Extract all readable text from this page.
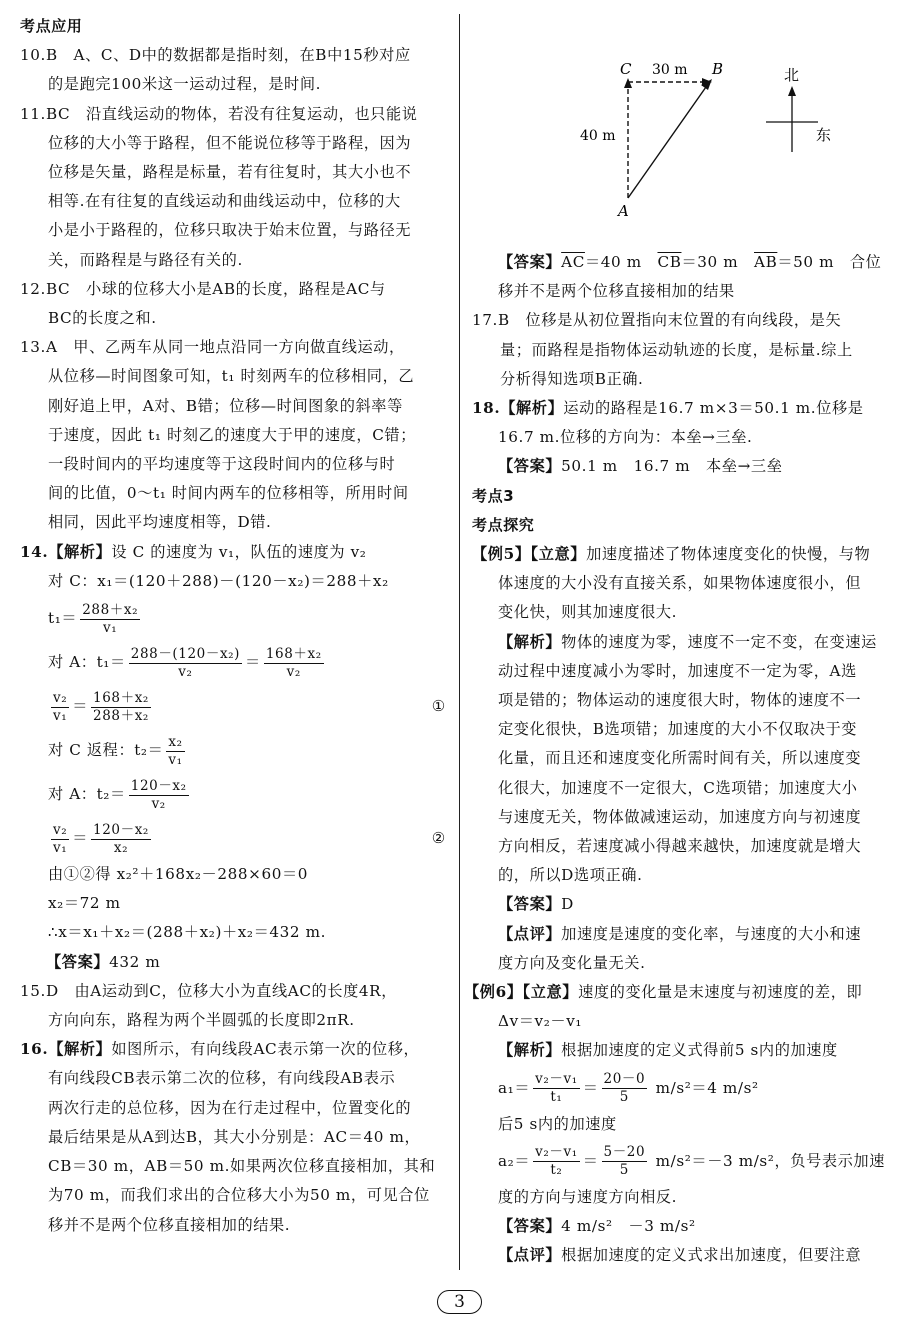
考点应用
10.B　A、C、D中的数据都是指时刻，在B中15秒对应
的是跑完100米这一运动过程，是时间.
11.BC　沿直线运动的物体，若没有往复运动，也只能说
位移的大小等于路程，但不能说位移等于路程，因为
位移是矢量，路程是标量，若有往复时，其大小也不
相等.在有往复的直线运动和曲线运动中，位移的大
小是小于路程的，位移只取决于始末位置，与路径无
关，而路程是与路径有关的.
12.BC　小球的位移大小是AB的长度，路程是AC与
BC的长度之和.
13.A　甲、乙两车从同一地点沿同一方向做直线运动，
从位移—时间图象可知，t₁ 时刻两车的位移相同，乙
刚好追上甲，A对、B错；位移—时间图象的斜率等
于速度，因此 t₁ 时刻乙的速度大于甲的速度，C错；
一段时间内的平均速度等于这段时间内的位移与时
间的比值，0～t₁ 时间内两车的位移相等，所用时间
相同，因此平均速度相等，D错.
14.【解析】设 C 的速度为 v₁，队伍的速度为 v₂
对 C：x₁＝(120＋288)－(120－x₂)＝288＋x₂
$t_1= \frac{\text{288＋x₂}}{\text{v₁}}$
对 A：$t_1= \frac{\text{288－(120－x₂)}}{\text{v₂}} = \frac{\text{168＋x₂}}{\text{v₂}}$
$\frac{\text{v₂}}{\text{v₁}} = \frac{\text{168＋x₂}}{\text{288＋x₂}}$	①
对 C 返程：$t_2= \frac{\text{x₂}}{\text{v₁}}$
对 A：$t_2= \frac{\text{120－x₂}}{\text{v₂}}$
$\frac{\text{v₂}}{\text{v₁}} = \frac{\text{120－x₂}}{\text{x₂}}$	②
由①②得 x₂²＋168x₂－288×60＝0
x₂＝72 m
∴x＝x₁＋x₂＝(288＋x₂)＋x₂＝432 m.
【答案】432 m
15.D　由A运动到C，位移大小为直线AC的长度4R，
方向向东，路程为两个半圆弧的长度即2πR.
16.【解析】如图所示，有向线段AC表示第一次的位移，
有向线段CB表示第二次的位移，有向线段AB表示
两次行走的总位移，因为在行走过程中，位置变化的
最后结果是从A到达B，其大小分别是：AC＝40 m，
CB＝30 m，AB＝50 m.如果两次位移直接相加，其和
为70 m，而我们求出的合位移大小为50 m，可见合位
移并不是两个位移直接相加的结果.
C	B
A
30 m
40 m
北
东
【答案】$\overline{AC}=40$ m　$\overline{CB}=30$ m　$\overline{AB}=50$ m　合位
移并不是两个位移直接相加的结果
17.B　位移是从初位置指向末位置的有向线段，是矢
量；而路程是指物体运动轨迹的长度，是标量.综上
分析得知选项B正确.
18.【解析】运动的路程是16.7 m×3＝50.1 m.位移是
16.7 m.位移的方向为：本垒→三垒.
【答案】50.1 m　16.7 m　本垒→三垒
考点3
考点探究
【例5】【立意】加速度描述了物体速度变化的快慢，与物
体速度的大小没有直接关系，如果物体速度很小，但
变化快，则其加速度很大.
【解析】物体的速度为零，速度不一定不变，在变速运
动过程中速度减小为零时，加速度不一定为零，A选
项是错的；物体运动的速度很大时，物体的速度不一
定变化很快，B选项错；加速度的大小不仅取决于变
化量，而且还和速度变化所需时间有关，所以速度变
化很大，加速度不一定很大，C选项错；加速度大小
与速度无关，物体做减速运动，加速度方向与初速度
方向相反，若速度减小得越来越快，加速度就是增大
的，所以D选项正确.
【答案】D
【点评】加速度是速度的变化率，与速度的大小和速
度方向及变化量无关.
【例6】【立意】速度的变化量是末速度与初速度的差，即
Δv＝v₂－v₁
【解析】根据加速度的定义式得前5 s内的加速度
$a_1= \frac{\text{v₂－v₁}}{\text{t₁}} = \frac{20-0}{5} m/s^2=4$ m/s²
后5 s内的加速度
$a_2= \frac{\text{v₂－v₁}}{\text{t₂}} = \frac{5-20}{5} m/s^2=-3$ m/s²，负号表示加速
度的方向与速度方向相反.
【答案】4 m/s²　－3 m/s²
【点评】根据加速度的定义式求出加速度，但要注意
3
